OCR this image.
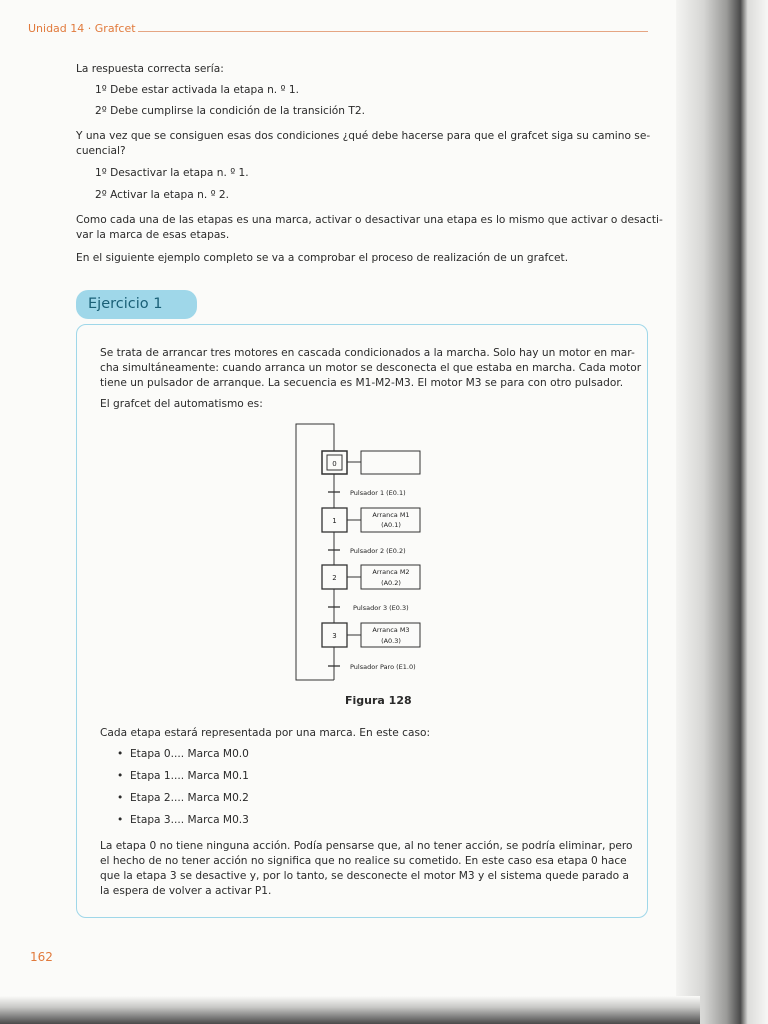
Unidad 14 · Grafcet
La respuesta correcta sería:
1º Debe estar activada la etapa n. º 1.
2º Debe cumplirse la condición de la transición T2.
Y una vez que se consiguen esas dos condiciones ¿qué debe hacerse para que el grafcet siga su camino se-
cuencial?
1º Desactivar la etapa n. º 1.
2º Activar la etapa n. º 2.
Como cada una de las etapas es una marca, activar o desactivar una etapa es lo mismo que activar o desacti-
var la marca de esas etapas.
En el siguiente ejemplo completo se va a comprobar el proceso de realización de un grafcet.
Ejercicio 1
Se trata de arrancar tres motores en cascada condicionados a la marcha. Solo hay un motor en mar-
cha simultáneamente: cuando arranca un motor se desconecta el que estaba en marcha. Cada motor
tiene un pulsador de arranque. La secuencia es M1-M2-M3. El motor M3 se para con otro pulsador.
El grafcet del automatismo es:
0
1
2
3
Arranca M1
(A0.1)
Arranca M2
(A0.2)
Arranca M3
(A0.3)
Pulsador 1 (E0.1)
Pulsador 2 (E0.2)
Pulsador 3 (E0.3)
Pulsador Paro (E1.0)
Figura 128
Cada etapa estará representada por una marca. En este caso:
•  Etapa 0.... Marca M0.0
•  Etapa 1.... Marca M0.1
•  Etapa 2.... Marca M0.2
•  Etapa 3.... Marca M0.3
La etapa 0 no tiene ninguna acción. Podía pensarse que, al no tener acción, se podría eliminar, pero
el hecho de no tener acción no significa que no realice su cometido. En este caso esa etapa 0 hace
que la etapa 3 se desactive y, por lo tanto, se desconecte el motor M3 y el sistema quede parado a
la espera de volver a activar P1.
162
